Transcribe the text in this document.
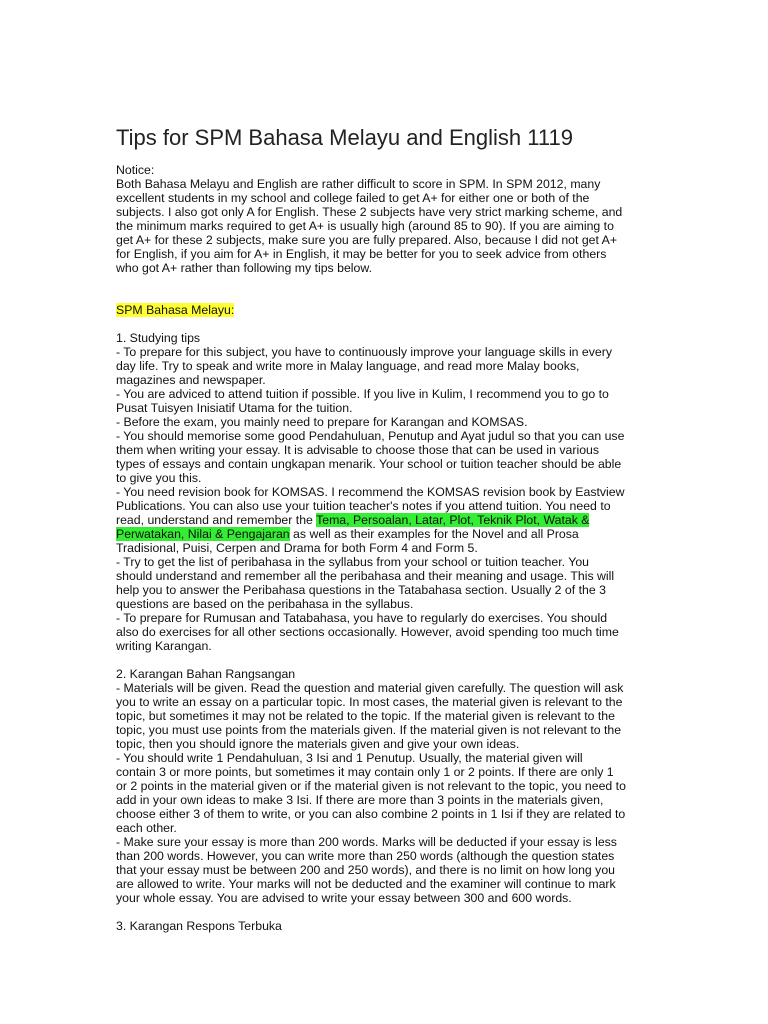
Tips for SPM Bahasa Melayu and English 1119
Notice:
Both Bahasa Melayu and English are rather difficult to score in SPM. In SPM 2012, many
excellent students in my school and college failed to get A+ for either one or both of the
subjects. I also got only A for English. These 2 subjects have very strict marking scheme, and
the minimum marks required to get A+ is usually high (around 85 to 90). If you are aiming to
get A+ for these 2 subjects, make sure you are fully prepared. Also, because I did not get A+
for English, if you aim for A+ in English, it may be better for you to seek advice from others
who got A+ rather than following my tips below.
SPM Bahasa Melayu:
1. Studying tips
- To prepare for this subject, you have to continuously improve your language skills in every
day life. Try to speak and write more in Malay language, and read more Malay books,
magazines and newspaper.
- You are adviced to attend tuition if possible. If you live in Kulim, I recommend you to go to
Pusat Tuisyen Inisiatif Utama for the tuition.
- Before the exam, you mainly need to prepare for Karangan and KOMSAS.
- You should memorise some good Pendahuluan, Penutup and Ayat judul so that you can use
them when writing your essay. It is advisable to choose those that can be used in various
types of essays and contain ungkapan menarik. Your school or tuition teacher should be able
to give you this.
- You need revision book for KOMSAS. I recommend the KOMSAS revision book by Eastview
Publications. You can also use your tuition teacher's notes if you attend tuition. You need to
read, understand and remember the Tema, Persoalan, Latar, Plot, Teknik Plot, Watak &
Perwatakan, Nilai & Pengajaran as well as their examples for the Novel and all Prosa
Tradisional, Puisi, Cerpen and Drama for both Form 4 and Form 5.
- Try to get the list of peribahasa in the syllabus from your school or tuition teacher. You
should understand and remember all the peribahasa and their meaning and usage. This will
help you to answer the Peribahasa questions in the Tatabahasa section. Usually 2 of the 3
questions are based on the peribahasa in the syllabus.
- To prepare for Rumusan and Tatabahasa, you have to regularly do exercises. You should
also do exercises for all other sections occasionally. However, avoid spending too much time
writing Karangan.
2. Karangan Bahan Rangsangan
- Materials will be given. Read the question and material given carefully. The question will ask
you to write an essay on a particular topic. In most cases, the material given is relevant to the
topic, but sometimes it may not be related to the topic. If the material given is relevant to the
topic, you must use points from the materials given. If the material given is not relevant to the
topic, then you should ignore the materials given and give your own ideas.
- You should write 1 Pendahuluan, 3 Isi and 1 Penutup. Usually, the material given will
contain 3 or more points, but sometimes it may contain only 1 or 2 points. If there are only 1
or 2 points in the material given or if the material given is not relevant to the topic, you need to
add in your own ideas to make 3 Isi. If there are more than 3 points in the materials given,
choose either 3 of them to write, or you can also combine 2 points in 1 Isi if they are related to
each other.
- Make sure your essay is more than 200 words. Marks will be deducted if your essay is less
than 200 words. However, you can write more than 250 words (although the question states
that your essay must be between 200 and 250 words), and there is no limit on how long you
are allowed to write. Your marks will not be deducted and the examiner will continue to mark
your whole essay. You are advised to write your essay between 300 and 600 words.
3. Karangan Respons Terbuka
